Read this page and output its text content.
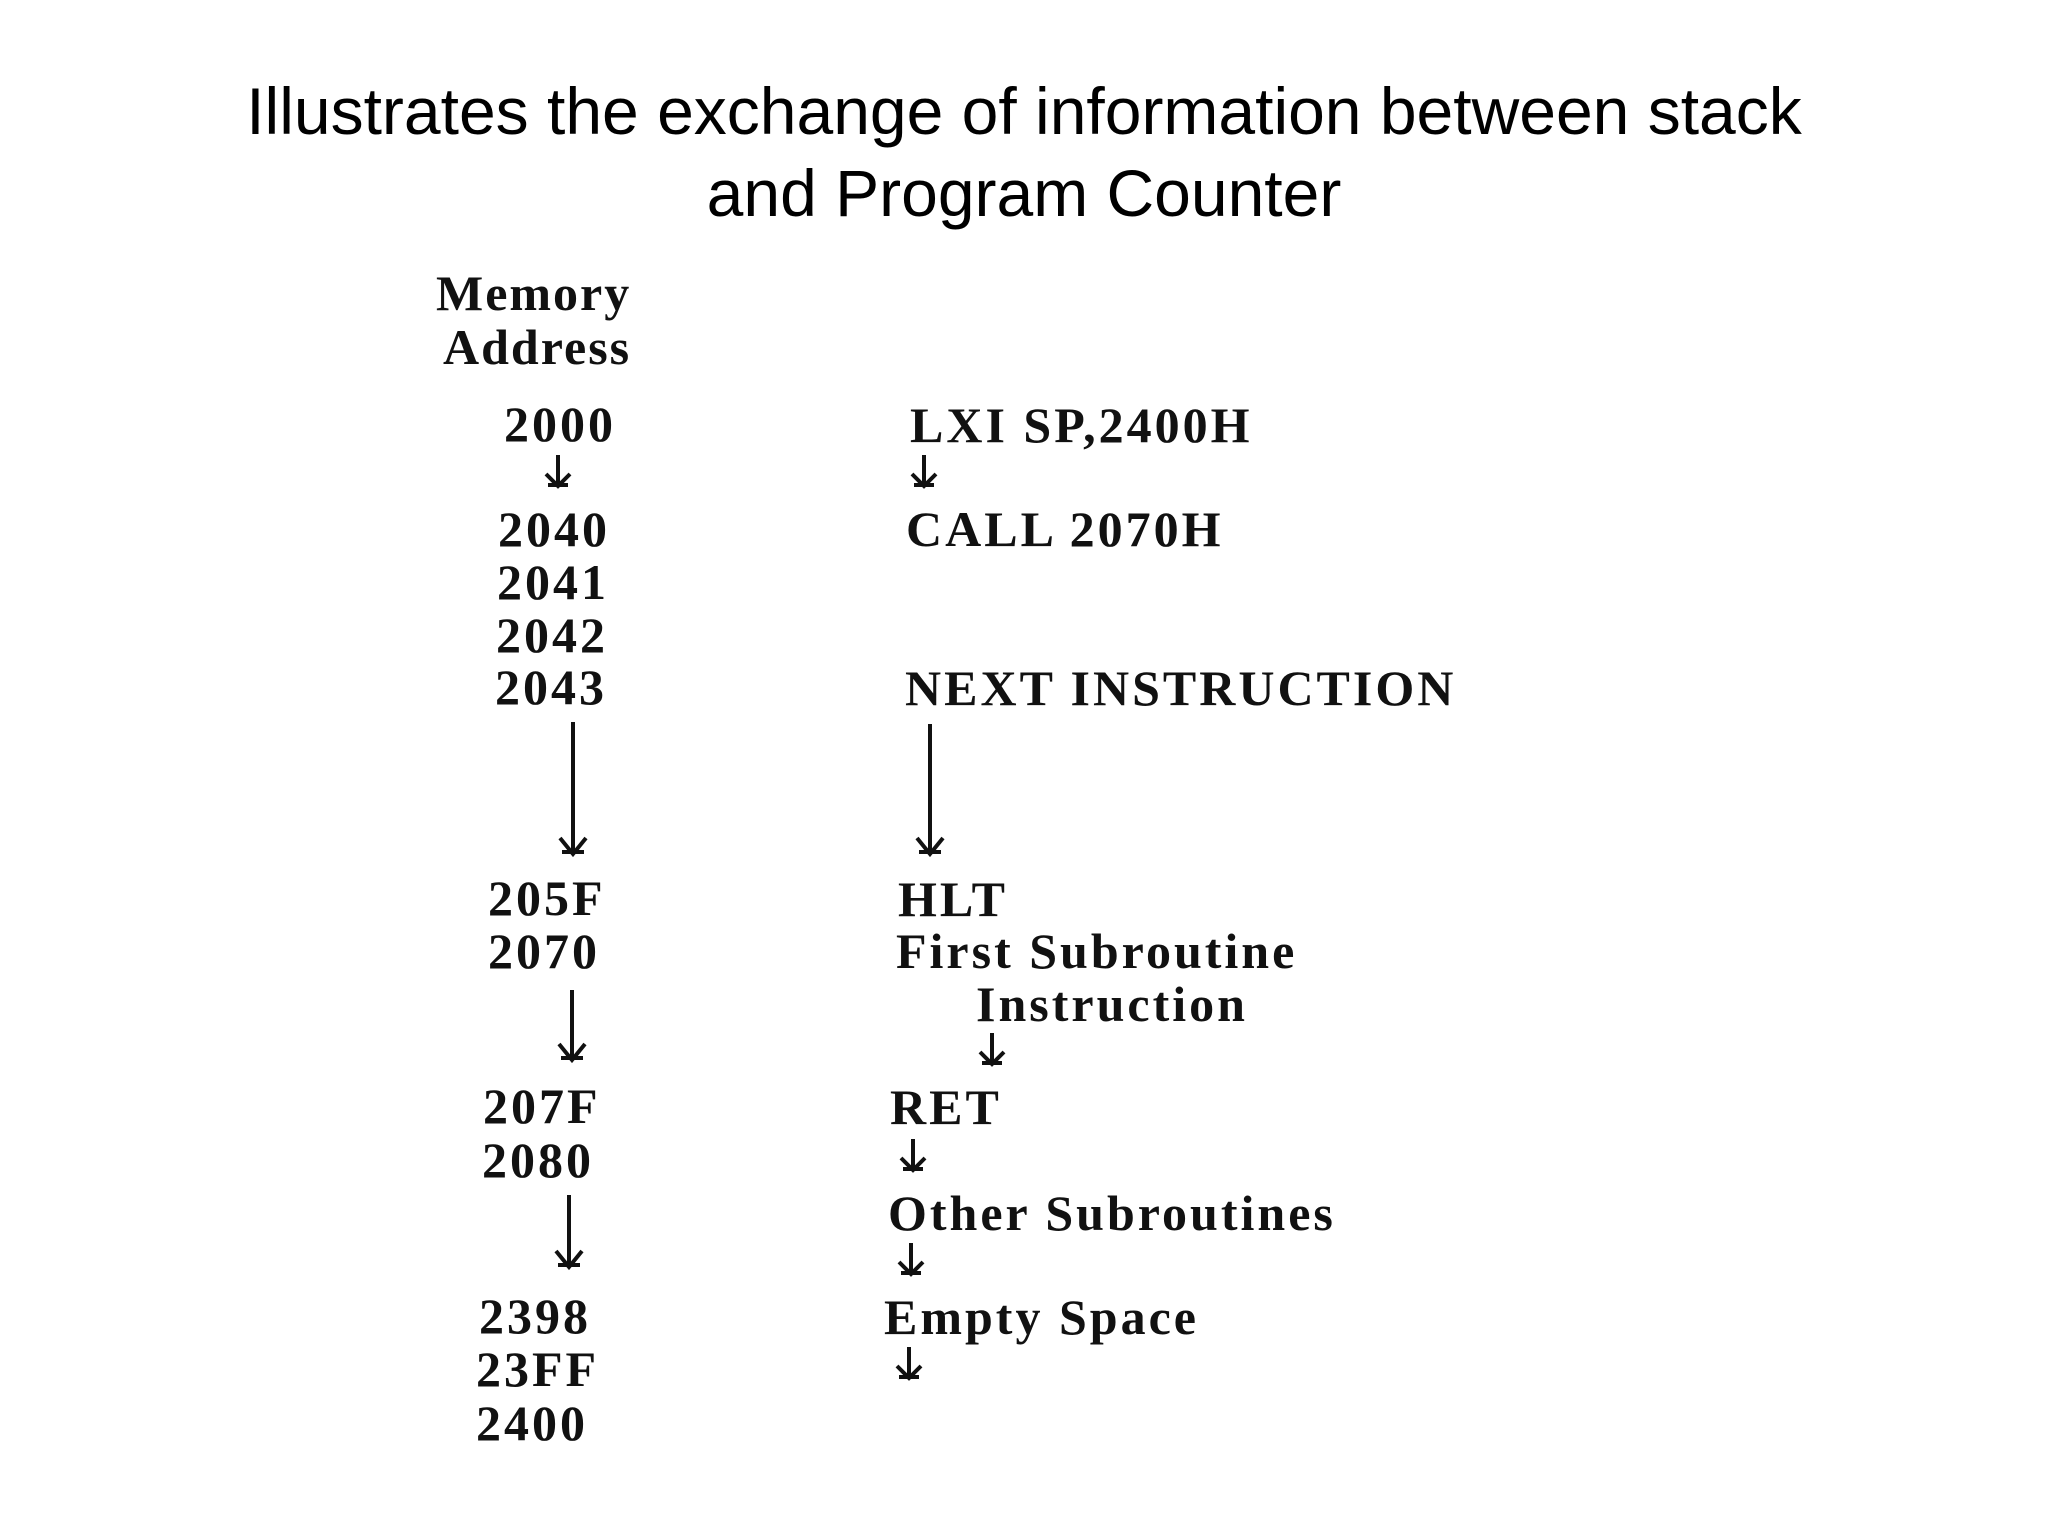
Illustrates the exchange of information between stack
and Program Counter
Memory
Address
2000
2040
2041
2042
2043
205F
2070
207F
2080
2398
23FF
2400
LXI SP,2400H
CALL 2070H
NEXT INSTRUCTION
HLT
First Subroutine
Instruction
RET
Other Subroutines
Empty Space
